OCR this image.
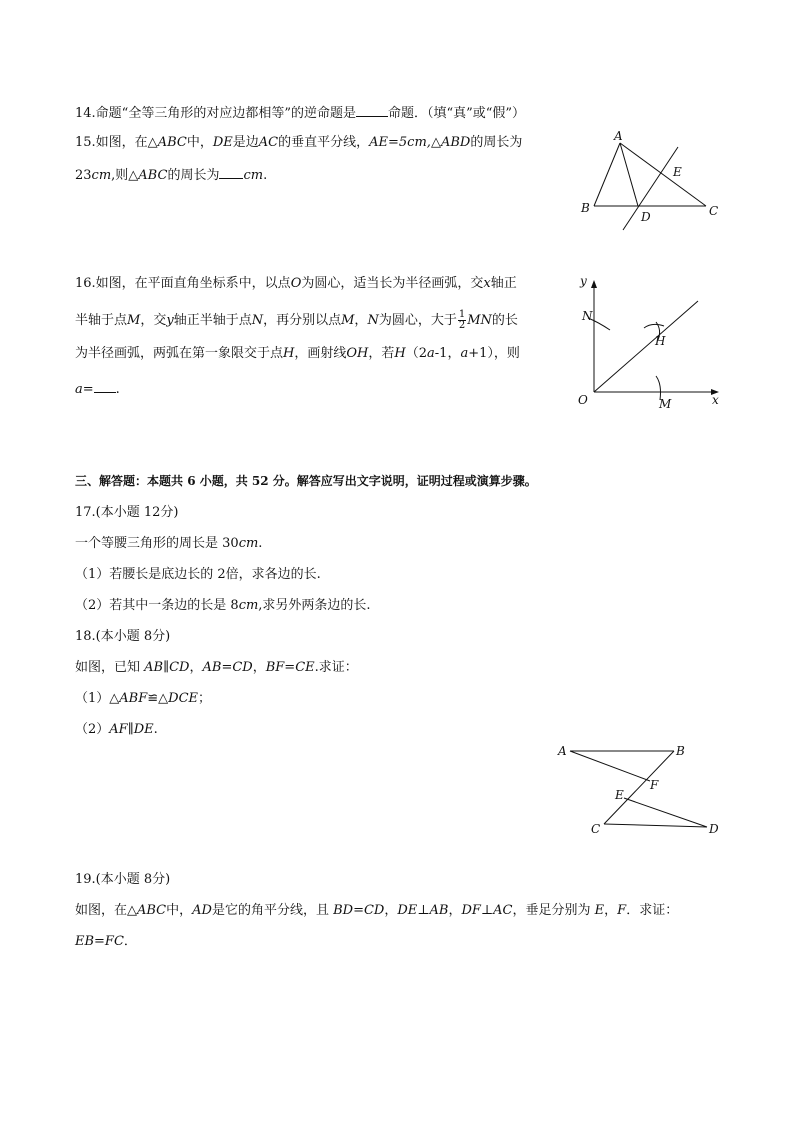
14.命题“全等三角形的对应边都相等”的逆命题是 命题．（填“真”或“假”）
15.如图，在△ABC中，DE是边AC的垂直平分线，AE=5cm,△ABD的周长为
23cm,则△ABC的周长为 cm.
A
B	C
D
E
16.如图，在平面直角坐标系中，以点O为圆心，适当长为半径画弧，交x轴正
半轴于点M，交y轴正半轴于点N，再分别以点M，N为圆心，大于 $\frac{1}{2}$ MN的长
为半径画弧，两弧在第一象限交于点H，画射线OH，若H（2a-1，a+1），则
a= .
y
x
O
N
M
H
三、解答题：本题共 6 小题，共 52 分。解答应写出文字说明，证明过程或演算步骤。
17.(本小题 12分)
一个等腰三角形的周长是 30cm.
（1）若腰长是底边长的 2倍，求各边的长.
（2）若其中一条边的长是 8cm,求另外两条边的长.
18.(本小题 8分)
如图，已知 AB∥CD，AB=CD，BF=CE.求证：
（1）△ABF≌△DCE；
（2）AF∥DE.
A	B
C	D
E
F
19.(本小题 8分)
如图，在△ABC中，AD是它的角平分线，且 BD=CD，DE⊥AB，DF⊥AC，垂足分别为 E，F．求证：
EB=FC．
